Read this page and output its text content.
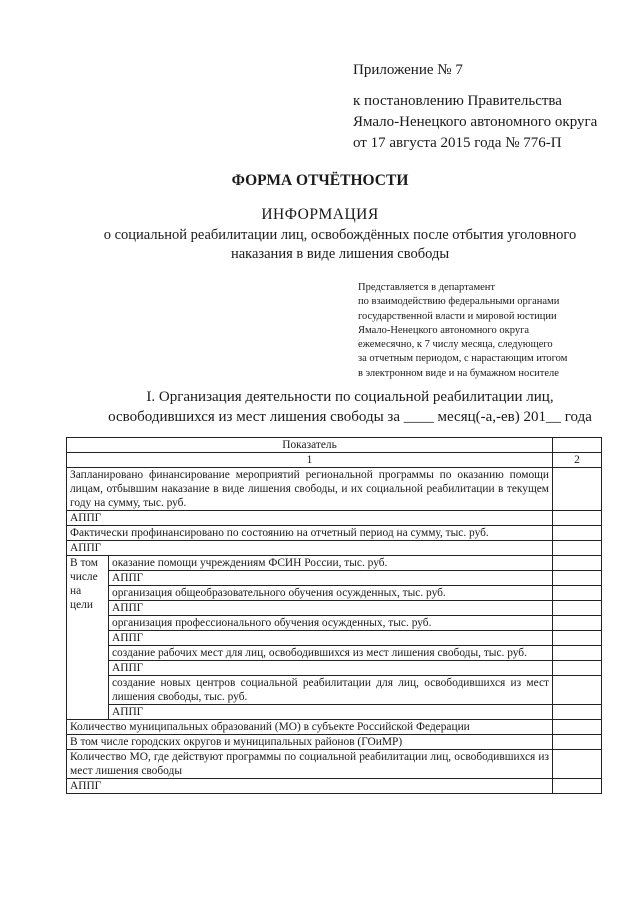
Приложение № 7
к постановлению Правительства
Ямало-Ненецкого автономного округа
от 17 августа 2015 года № 776-П
ФОРМА ОТЧЁТНОСТИ
ИНФОРМАЦИЯ
о социальной реабилитации лиц, освобождённых после отбытия уголовного наказания в виде лишения свободы
Представляется в департамент
по взаимодействию федеральными органами
государственной власти и мировой юстиции
Ямало-Ненецкого автономного округа
ежемесячно, к 7 числу месяца, следующего
за отчетным периодом, с нарастающим итогом
в электронном виде и на бумажном носителе
I. Организация деятельности по социальной реабилитации лиц,
освободившихся из мест лишения свободы за ____ месяц(-а,-ев) 201__ года
Показатель		
1		2
Запланировано финансирование мероприятий региональной программы по оказанию помощи лицам, отбывшим наказание в виде лишения свободы, и их социальной реабилитации в текущем году на сумму, тыс. руб.		
АППГ		
Фактически профинансировано по состоянию на отчетный период на сумму, тыс. руб.		
АППГ		
В том числе на цели	оказание помощи учреждениям ФСИН России, тыс. руб.	
	АППГ	
	организация общеобразовательного обучения осужденных, тыс. руб.	
	АППГ	
	организация профессионального обучения осужденных, тыс. руб.	
	АППГ	
	создание рабочих мест для лиц, освободившихся из мест лишения свободы, тыс. руб.	
	АППГ	
	создание новых центров социальной реабилитации для лиц, освободившихся из мест лишения свободы, тыс. руб.	
	АППГ	
Количество муниципальных образований (МО) в субъекте Российской Федерации		
В том числе городских округов и муниципальных районов (ГОиМР)		
Количество МО, где действуют программы по социальной реабилитации лиц, освободившихся из мест лишения свободы		
АППГ		
